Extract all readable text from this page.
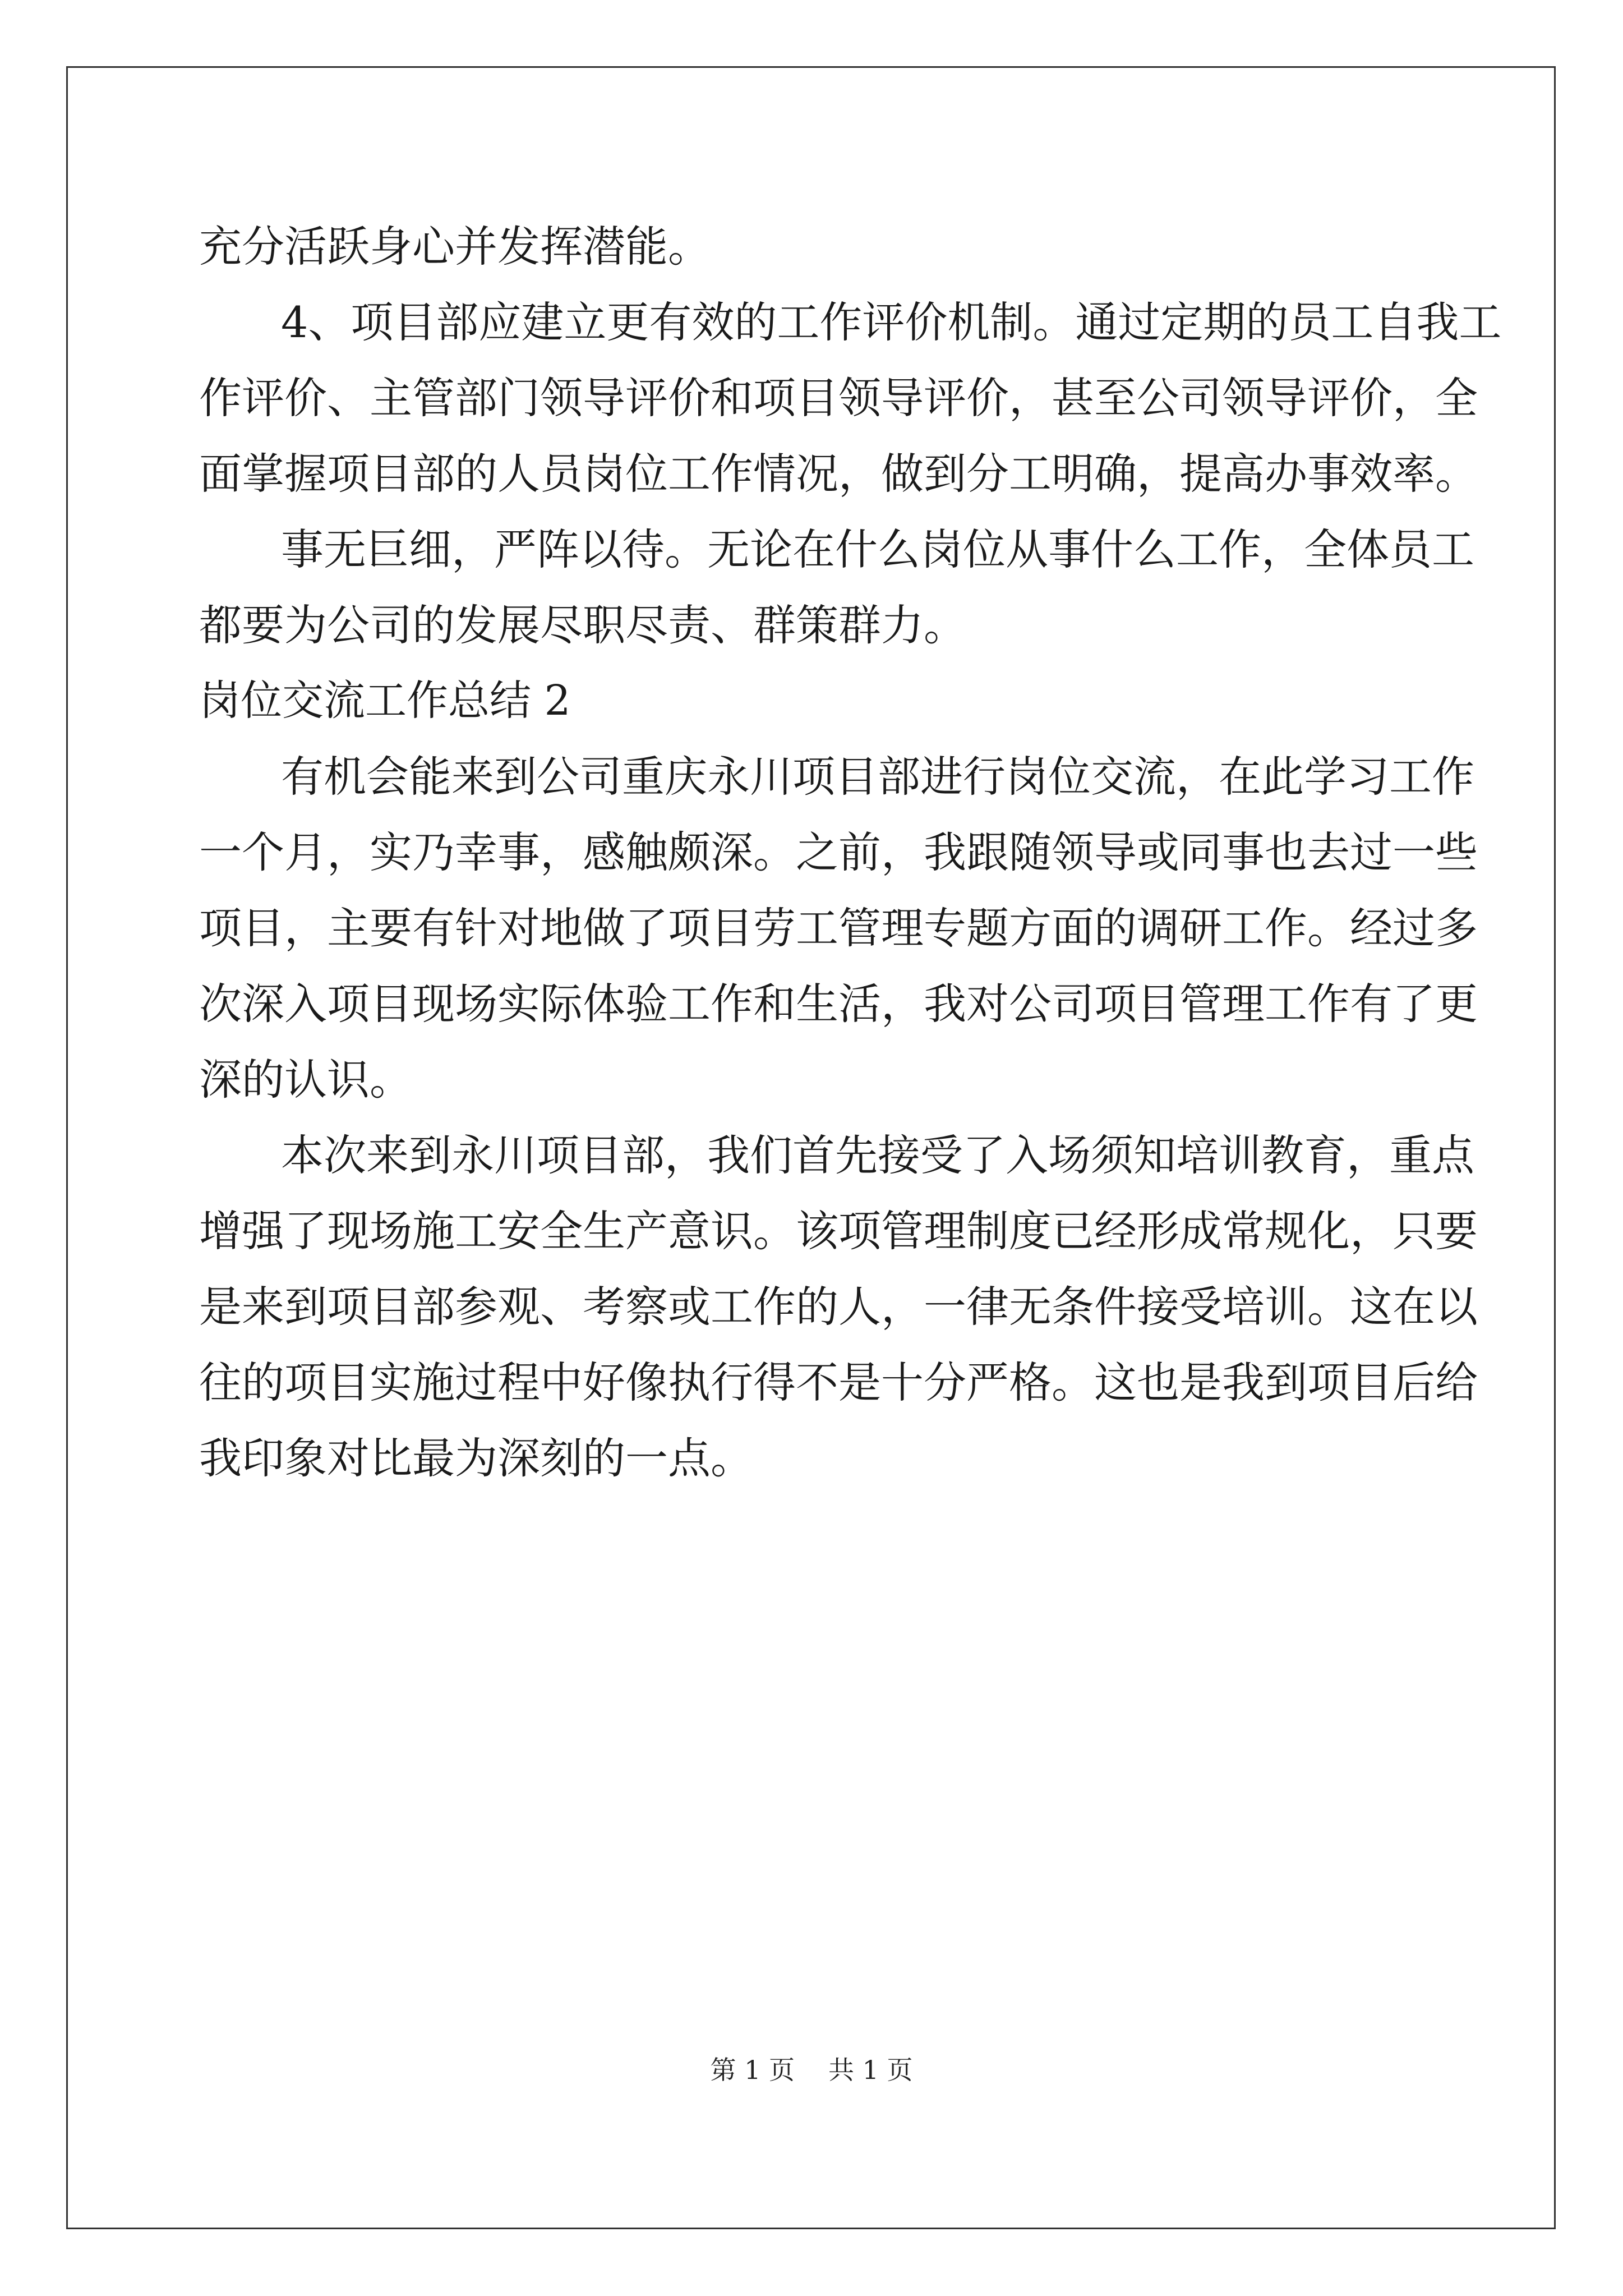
充分活跃身心并发挥潜能。
4、项目部应建立更有效的工作评价机制。通过定期的员工自我工
作评价、主管部门领导评价和项目领导评价，甚至公司领导评价，全
面掌握项目部的人员岗位工作情况，做到分工明确，提高办事效率。
事无巨细，严阵以待。无论在什么岗位从事什么工作，全体员工
都要为公司的发展尽职尽责、群策群力。
岗位交流工作总结 2
有机会能来到公司重庆永川项目部进行岗位交流，在此学习工作
一个月，实乃幸事，感触颇深。之前，我跟随领导或同事也去过一些
项目，主要有针对地做了项目劳工管理专题方面的调研工作。经过多
次深入项目现场实际体验工作和生活，我对公司项目管理工作有了更
深的认识。
本次来到永川项目部，我们首先接受了入场须知培训教育，重点
增强了现场施工安全生产意识。该项管理制度已经形成常规化，只要
是来到项目部参观、考察或工作的人，一律无条件接受培训。这在以
往的项目实施过程中好像执行得不是十分严格。这也是我到项目后给
我印象对比最为深刻的一点。
第 1 页 共 1 页
